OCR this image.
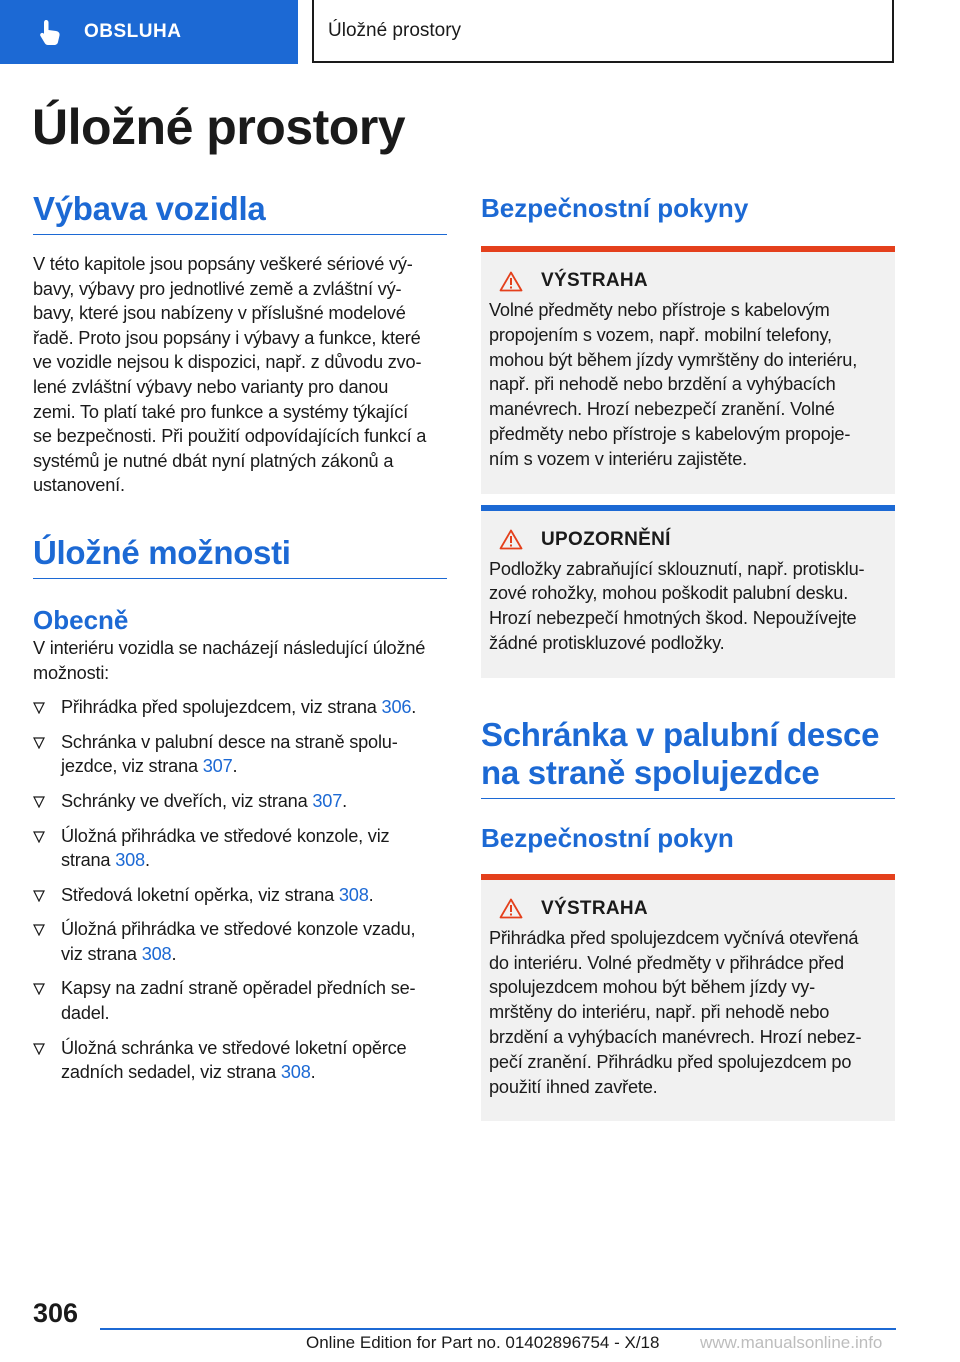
OBSLUHA	Úložné prostory
Úložné prostory
Výbava vozidla

V této kapitole jsou popsány veškeré sériové vý-
bavy, výbavy pro jednotlivé země a zvláštní vý-
bavy, které jsou nabízeny v příslušné modelové
řadě. Proto jsou popsány i výbavy a funkce, které
ve vozidle nejsou k dispozici, např. z důvodu zvo-
lené zvláštní výbavy nebo varianty pro danou
zemi. To platí také pro funkce a systémy týkající
se bezpečnosti. Při použití odpovídajících funkcí a
systémů je nutné dbát nyní platných zákonů a
ustanovení.

Úložné možnosti
Obecně

V interiéru vozidla se nacházejí následující úložné
možnosti:

Přihrádka před spolujezdcem, viz strana 306.
Schránka v palubní desce na straně spolu-
jezdce, viz strana 307.
Schránky ve dveřích, viz strana 307.
Úložná přihrádka ve středové konzole, viz
strana 308.
Středová loketní opěrka, viz strana 308.
Úložná přihrádka ve středové konzole vzadu,
viz strana 308.
Kapsy na zadní straně opěradel předních se-
dadel.
Úložná schránka ve středové loketní opěrce
zadních sedadel, viz strana 308.
Bezpečnostní pokyny
VÝSTRAHA

Volné předměty nebo přístroje s kabelovým
propojením s vozem, např. mobilní telefony,
mohou být během jízdy vymrštěny do interiéru,
např. při nehodě nebo brzdění a vyhýbacích
manévrech. Hrozí nebezpečí zranění. Volné
předměty nebo přístroje s kabelovým propoje-
ním s vozem v interiéru zajistěte.

UPOZORNĚNÍ

Podložky zabraňující sklouznutí, např. protisklu-
zové rohožky, mohou poškodit palubní desku.
Hrozí nebezpečí hmotných škod. Nepoužívejte
žádné protiskluzové podložky.

Schránka v palubní desce
na straně spolujezdce
Bezpečnostní pokyn
VÝSTRAHA

Přihrádka před spolujezdcem vyčnívá otevřená
do interiéru. Volné předměty v přihrádce před
spolujezdcem mohou být během jízdy vy-
mrštěny do interiéru, např. při nehodě nebo
brzdění a vyhýbacích manévrech. Hrozí nebez-
pečí zranění. Přihrádku před spolujezdcem po
použití ihned zavřete.

306
Online Edition for Part no. 01402896754 - X/18 www.manualsonline.info
